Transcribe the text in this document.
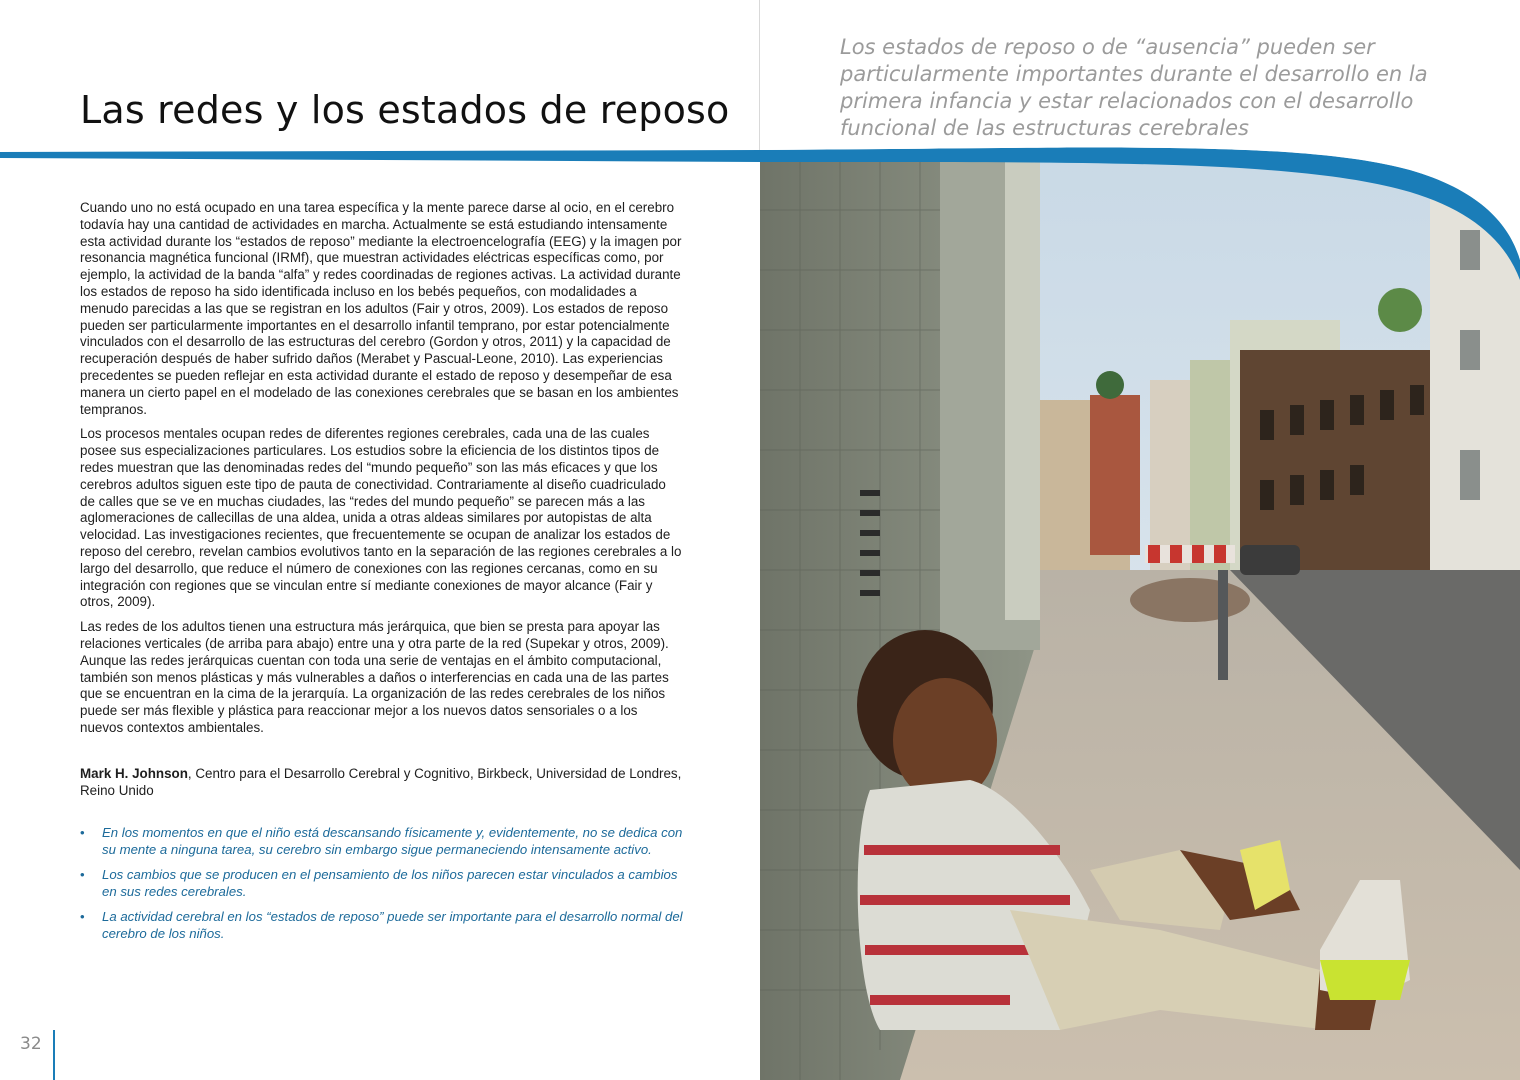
Las redes y los estados de reposo

Los estados de reposo o de “ausencia” pueden ser particularmente importantes durante el desarrollo en la primera infancia y estar relacionados con el desarrollo funcional de las estructuras cerebrales

Cuando uno no está ocupado en una tarea específica y la mente parece darse al ocio, en el cerebro todavía hay una cantidad de actividades en marcha. Actualmente se está estudiando intensamente esta actividad durante los “estados de reposo” mediante la electroencelografía (EEG) y la imagen por resonancia magnética funcional (IRMf), que muestran actividades eléctricas específicas como, por ejemplo, la actividad de la banda “alfa” y redes coordinadas de regiones activas. La actividad durante los estados de reposo ha sido identificada incluso en los bebés pequeños, con modalidades a menudo parecidas a las que se registran en los adultos (Fair y otros, 2009). Los estados de reposo pueden ser particularmente importantes en el desarrollo infantil temprano, por estar potencialmente vinculados con el desarrollo de las estructuras del cerebro (Gordon y otros, 2011) y la capacidad de recuperación después de haber sufrido daños (Merabet y Pascual-Leone, 2010). Las experiencias precedentes se pueden reflejar en esta actividad durante el estado de reposo y desempeñar de esa manera un cierto papel en el modelado de las conexiones cerebrales que se basan en los ambientes tempranos.

Los procesos mentales ocupan redes de diferentes regiones cerebrales, cada una de las cuales posee sus especializaciones particulares. Los estudios sobre la eficiencia de los distintos tipos de redes muestran que las denominadas redes del “mundo pequeño” son las más eficaces y que los cerebros adultos siguen este tipo de pauta de conectividad. Contrariamente al diseño cuadriculado de calles que se ve en muchas ciudades, las “redes del mundo pequeño” se parecen más a las aglomeraciones de callecillas de una aldea, unida a otras aldeas similares por autopistas de alta velocidad. Las investigaciones recientes, que frecuentemente se ocupan de analizar los estados de reposo del cerebro, revelan cambios evolutivos tanto en la separación de las regiones cerebrales a lo largo del desarrollo, que reduce el número de conexiones con las regiones cercanas, como en su integración con regiones que se vinculan entre sí mediante conexiones de mayor alcance (Fair y otros, 2009).

Las redes de los adultos tienen una estructura más jerárquica, que bien se presta para apoyar las relaciones verticales (de arriba para abajo) entre una y otra parte de la red (Supekar y otros, 2009). Aunque las redes jerárquicas cuentan con toda una serie de ventajas en el ámbito computacional, también son menos plásticas y más vulnerables a daños o interferencias en cada una de las partes que se encuentran en la cima de la jerarquía. La organización de las redes cerebrales de los niños puede ser más flexible y plástica para reaccionar mejor a los nuevos datos sensoriales o a los nuevos contextos ambientales.

Mark H. Johnson, Centro para el Desarrollo Cerebral y Cognitivo, Birkbeck, Universidad de Londres, Reino Unido

• En los momentos en que el niño está descansando físicamente y, evidentemente, no se dedica con su mente a ninguna tarea, su cerebro sin embargo sigue permaneciendo intensamente activo.
• Los cambios que se producen en el pensamiento de los niños parecen estar vinculados a cambios en sus redes cerebrales.
• La actividad cerebral en los “estados de reposo” puede ser importante para el desarrollo normal del cerebro de los niños.
32
